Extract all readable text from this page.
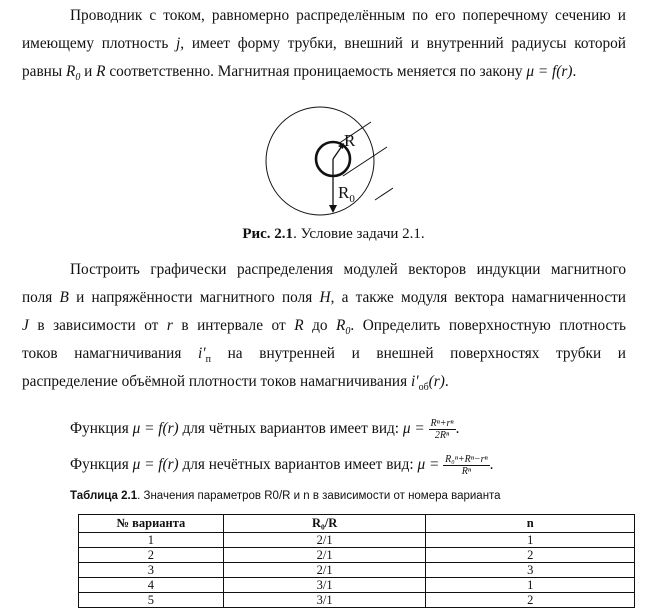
Проводник с током, равномерно распределённым по его поперечному сечению и
имеющему плотность j, имеет форму трубки, внешний и внутренний радиусы которой
равны $R_0$ и R соответственно. Магнитная проницаемость меняется по закону μ = f(r).
R
$R_0$
Рис. 2.1. Условие задачи 2.1.
Построить графически распределения модулей векторов индукции магнитного
поля B и напряжённости магнитного поля H, а также модуля вектора намагниченности
J в зависимости от r в интервале от R до $R_0$. Определить поверхностную плотность
токов намагничивания $i'_п$ на внутренней и внешней поверхностях трубки и
распределение объёмной плотности токов намагничивания $i'_{об}(r)$.
Функция μ = f(r) для чётных вариантов имеет вид: $\mu = \frac{\text{Rⁿ+rⁿ}}{\text{2Rⁿ}}$ .
Функция μ = f(r) для нечётных вариантов имеет вид: $\mu = \frac{\text{R₀ⁿ+Rⁿ−rⁿ}}{\text{Rⁿ}}$ .
Таблица 2.1. Значения параметров R0/R и n в зависимости от номера варианта
№ варианта	R₀/R	n
1	2/1	1
2	2/1	2
3	2/1	3
4	3/1	1
5	3/1	2
